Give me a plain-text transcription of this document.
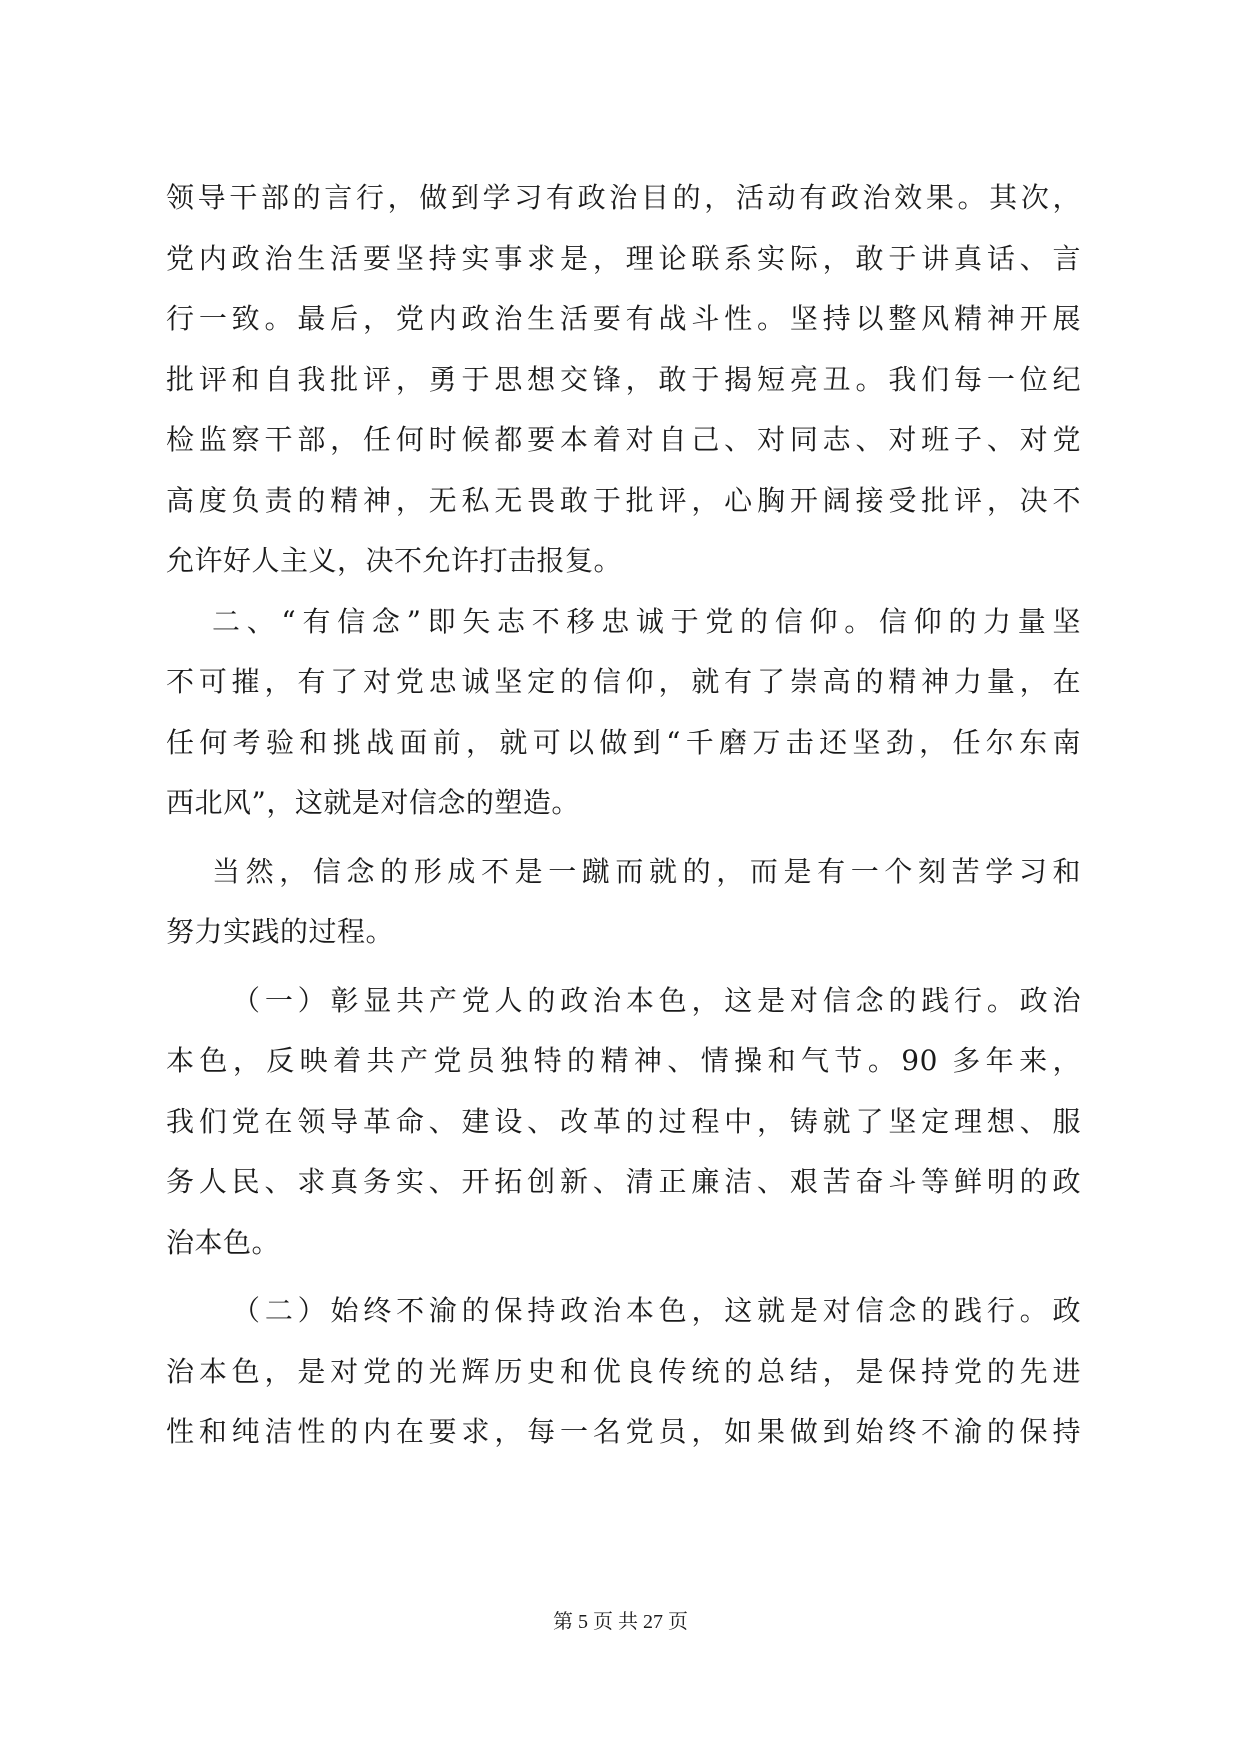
领导干部的言行，做到学习有政治目的，活动有政治效果。其次，
党内政治生活要坚持实事求是，理论联系实际，敢于讲真话、言
行一致。最后，党内政治生活要有战斗性。坚持以整风精神开展
批评和自我批评，勇于思想交锋，敢于揭短亮丑。我们每一位纪
检监察干部，任何时候都要本着对自己、对同志、对班子、对党
高度负责的精神，无私无畏敢于批评，心胸开阔接受批评，决不
允许好人主义，决不允许打击报复。
二、“有信念”即矢志不移忠诚于党的信仰。信仰的力量坚
不可摧，有了对党忠诚坚定的信仰，就有了崇高的精神力量，在
任何考验和挑战面前，就可以做到“千磨万击还坚劲，任尔东南
西北风”，这就是对信念的塑造。
当然，信念的形成不是一蹴而就的，而是有一个刻苦学习和
努力实践的过程。
（一）彰显共产党人的政治本色，这是对信念的践行。政治
本色，反映着共产党员独特的精神、情操和气节。90 多年来，
我们党在领导革命、建设、改革的过程中，铸就了坚定理想、服
务人民、求真务实、开拓创新、清正廉洁、艰苦奋斗等鲜明的政
治本色。
（二）始终不渝的保持政治本色，这就是对信念的践行。政
治本色，是对党的光辉历史和优良传统的总结，是保持党的先进
性和纯洁性的内在要求，每一名党员，如果做到始终不渝的保持
第 5 页 共 27 页
